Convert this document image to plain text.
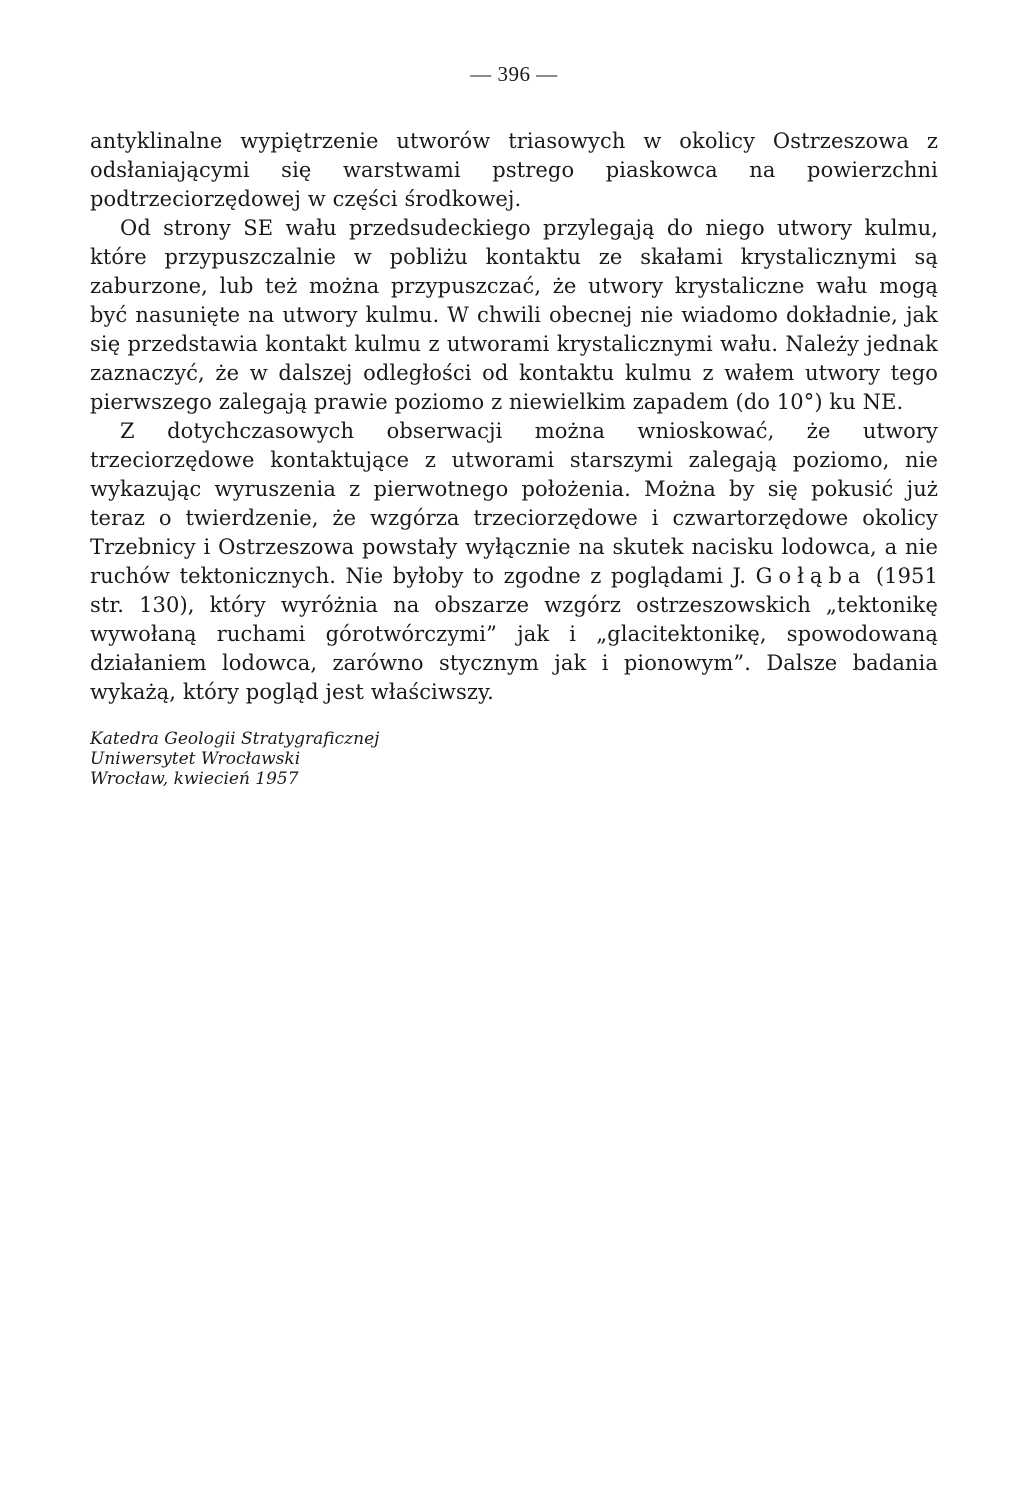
— 396 —

antyklinalne wypiętrzenie utworów triasowych w okolicy Ostrzeszowa z odsłaniającymi się warstwami pstrego piaskowca na powierzchni podtrzeciorzędowej w części środkowej.

Od strony SE wału przedsudeckiego przylegają do niego utwory kulmu, które przypuszczalnie w pobliżu kontaktu ze skałami krystalicznymi są zaburzone, lub też można przypuszczać, że utwory krystaliczne wału mogą być nasunięte na utwory kulmu. W chwili obecnej nie wiadomo dokładnie, jak się przedstawia kontakt kulmu z utworami krystalicznymi wału. Należy jednak zaznaczyć, że w dalszej odległości od kontaktu kulmu z wałem utwory tego pierwszego zalegają prawie poziomo z niewielkim zapadem (do 10°) ku NE.

Z dotychczasowych obserwacji można wnioskować, że utwory trzeciorzędowe kontaktujące z utworami starszymi zalegają poziomo, nie wykazując wyruszenia z pierwotnego położenia. Można by się pokusić już teraz o twierdzenie, że wzgórza trzeciorzędowe i czwartorzędowe okolicy Trzebnicy i Ostrzeszowa powstały wyłącznie na skutek nacisku lodowca, a nie ruchów tektonicznych. Nie byłoby to zgodne z poglądami J. Gołąba (1951 str. 130), który wyróżnia na obszarze wzgórz ostrzeszowskich „tektonikę wywołaną ruchami górotwórczymi” jak i „glacitektonikę, spowodowaną działaniem lodowca, zarówno stycznym jak i pionowym”. Dalsze badania wykażą, który pogląd jest właściwszy.

Katedra Geologii Stratygraficznej
Uniwersytet Wrocławski
Wrocław, kwiecień 1957
